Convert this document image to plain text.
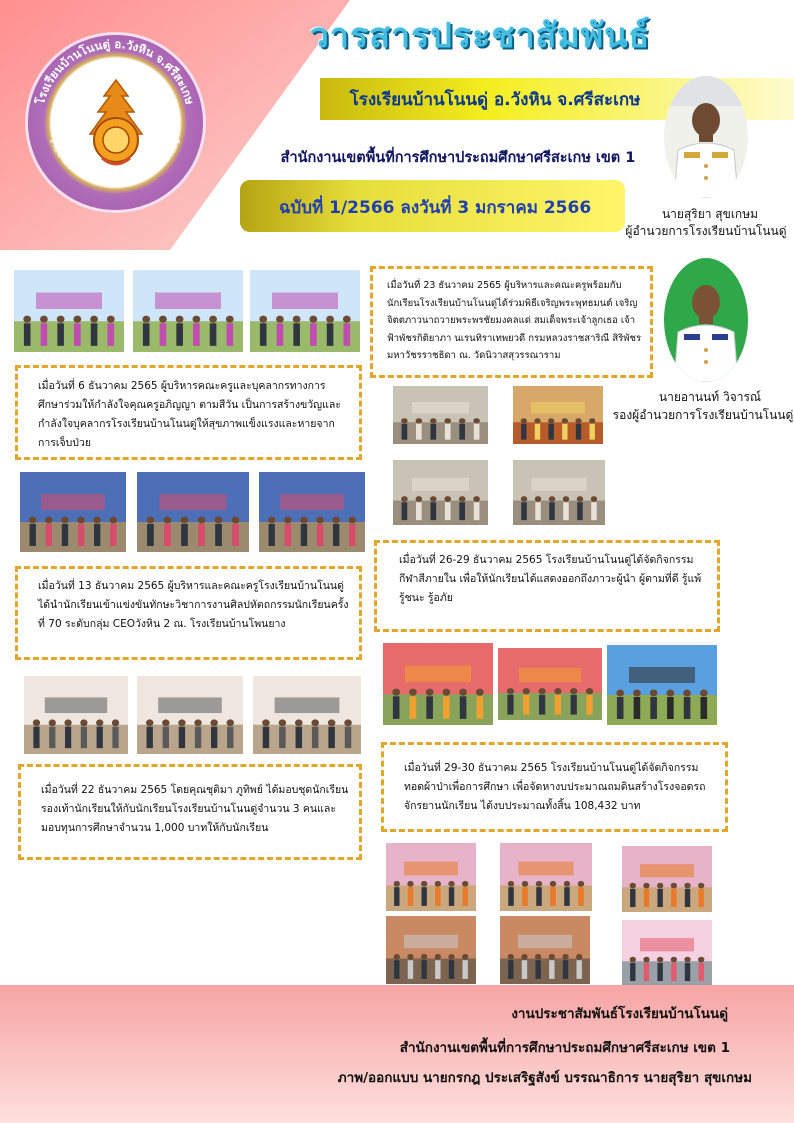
วารสารประชาสัมพันธ์
โรงเรียนบ้านโนนดู่ อ.วังหิน จ.ศรีสะเกษ
สำนักงานเขตพื้นที่การศึกษาประถมศึกษาศรีสะเกษ เขต 1
ฉบับที่ 1/2566 ลงวันที่ 3 มกราคม 2566
โรงเรียนบ้านโนนดู่ อ.วังหิน จ.ศรีสะเกษ
สำนักงานเขตพื้นที่การศึกษาประถมศึกษาศรีสะเกษ เขต ๑
นายสุริยา สุขเกษม
ผู้อำนวยการโรงเรียนบ้านโนนดู่
นายอานนท์ วิจารณ์
รองผู้อำนวยการโรงเรียนบ้านโนนดู่

เมื่อวันที่ 6 ธันวาคม 2565 ผู้บริหารคณะครูและบุคลากรทางการศึกษาร่วมให้กำลังใจคุณครูอภิญญา ตามสีวัน เป็นการสร้างขวัญและกำลังใจบุคลากรโรงเรียนบ้านโนนดู่ให้สุขภาพแข็งแรงและหายจากการเจ็บป่วย

เมื่อวันที่ 23 ธันวาคม 2565 ผู้บริหารและคณะครูพร้อมกับนักเรียนโรงเรียนบ้านโนนดู่ได้ร่วมพิธีเจริญพระพุทธมนต์ เจริญจิตตภาวนาถวายพระพรชัยมงคลแด่ สมเด็จพระเจ้าลูกเธอ เจ้าฟ้าพัชรกิติยาภา นเรนทิราเทพยวดี กรมหลวงราชสาริณี สิริพัชร มหาวัชรราชธิดา ณ. วัดนิวาสสุวรรณาราม

เมื่อวันที่ 13 ธันวาคม 2565 ผู้บริหารและคณะครูโรงเรียนบ้านโนนดู่ได้นำนักเรียนเข้าแข่งขันทักษะวิชาการงานศิลปหัตถกรรมนักเรียนครั้งที่ 70 ระดับกลุ่ม CEOวังหิน 2 ณ. โรงเรียนบ้านโพนยาง

เมื่อวันที่ 26-29 ธันวาคม 2565 โรงเรียนบ้านโนนดู่ได้จัดกิจกรรมกีฬาสีภายใน เพื่อให้นักเรียนได้แสดงออกถึงภาวะผู้นำ ผู้ตามที่ดี รู้แพ้ รู้ชนะ รู้อภัย

เมื่อวันที่ 22 ธันวาคม 2565 โดยคุณชุติมา ภูทิพย์ ได้มอบชุดนักเรียนรองเท้านักเรียนให้กับนักเรียนโรงเรียนบ้านโนนดู่จำนวน 3 คนและมอบทุนการศึกษาจำนวน 1,000 บาทให้กับนักเรียน

เมื่อวันที่ 29-30 ธันวาคม 2565 โรงเรียนบ้านโนนดู่ได้จัดกิจกรรมทอดผ้าป่าเพื่อการศึกษา เพื่อจัดหางบประมาณถมดินสร้างโรงจอดรถจักรยานนักเรียน ได้งบประมาณทั้งสิ้น 108,432 บาท

งานประชาสัมพันธ์โรงเรียนบ้านโนนดู่
สำนักงานเขตพื้นที่การศึกษาประถมศึกษาศรีสะเกษ เขต 1
ภาพ/ออกแบบ นายกรกฎ ประเสริฐสังข์ บรรณาธิการ นายสุริยา สุขเกษม
